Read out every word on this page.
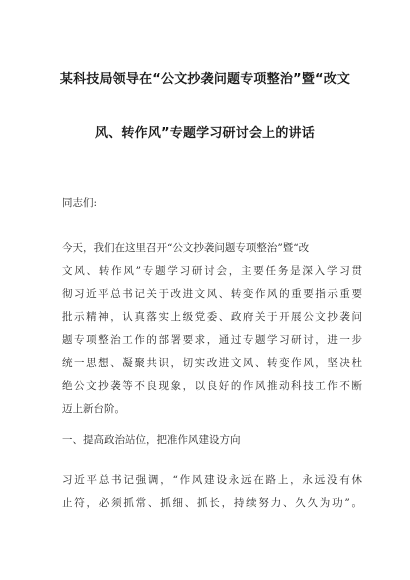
某科技局领导在“公文抄袭问题专项整治”暨“改文
风、转作风”专题学习研讨会上的讲话
同志们:
今天，我们在这里召开“公文抄袭问题专项整治”暨“改
文风、转作风”专题学习研讨会，主要任务是深入学习贯
彻习近平总书记关于改进文风、转变作风的重要指示重要
批示精神，认真落实上级党委、政府关于开展公文抄袭问
题专项整治工作的部署要求，通过专题学习研讨，进一步
统一思想、凝聚共识，切实改进文风、转变作风，坚决杜
绝公文抄袭等不良现象，以良好的作风推动科技工作不断
迈上新台阶。
一、提高政治站位，把准作风建设方向
习近平总书记强调，“作风建设永远在路上，永远没有休
止符，必须抓常、抓细、抓长，持续努力、久久为功”。
